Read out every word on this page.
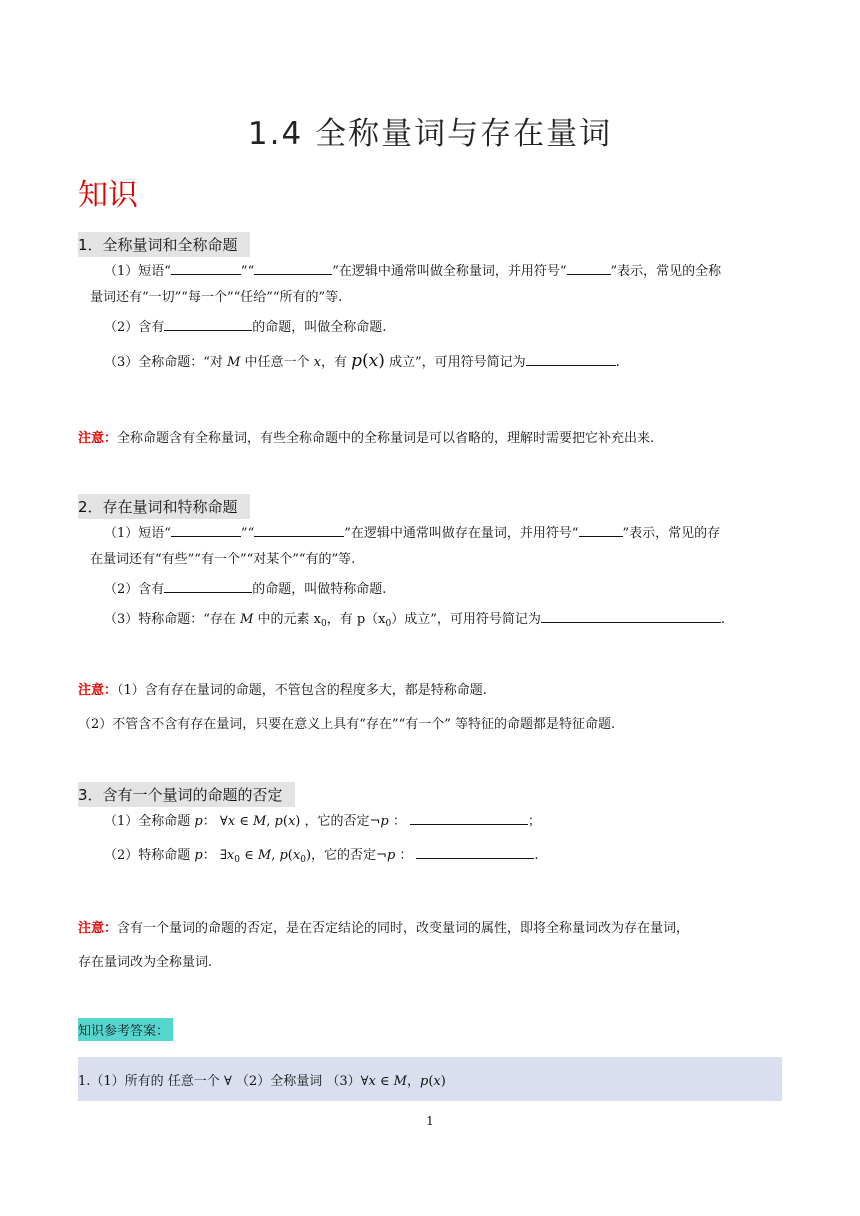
1.4 全称量词与存在量词
知识
1．全称量词和全称命题
（1）短语“	”“	”在逻辑中通常叫做全称量词，并用符号“	”表示，常见的全称
量词还有“一切”“每一个”“任给”“所有的”等.
（2）含有	的命题，叫做全称命题.
（3）全称命题：“对 M 中任意一个 x，有 p(x) 成立”，可用符号简记为	.
注意：全称命题含有全称量词，有些全称命题中的全称量词是可以省略的，理解时需要把它补充出来.
2．存在量词和特称命题
（1）短语“	”“	”在逻辑中通常叫做存在量词，并用符号“	”表示，常见的存
在量词还有“有些”“有一个”“对某个”“有的”等.
（2）含有	的命题，叫做特称命题.
（3）特称命题：“存在 M 中的元素 $x_0$，有 $p(x_0)$成立”，可用符号简记为	.
注意：（1）含有存在量词的命题，不管包含的程度多大，都是特称命题.
（2）不管含不含有存在量词，只要在意义上具有“存在”“有一个” 等特征的命题都是特征命题.
3．含有一个量词的命题的否定
（1）全称命题 p： ∀x ∈ M, p(x) ，它的否定¬p ：	；
（2）特称命题 p： $\exists x_0$ ∈ M, $p(x_0)$，它的否定¬p ：	.
注意：含有一个量词的命题的否定，是在否定结论的同时，改变量词的属性，即将全称量词改为存在量词，
存在量词改为全称量词.
知识参考答案：
1.（1）所有的 任意一个 ∀ （2）全称量词 （3）∀x ∈ M，p(x)
1
